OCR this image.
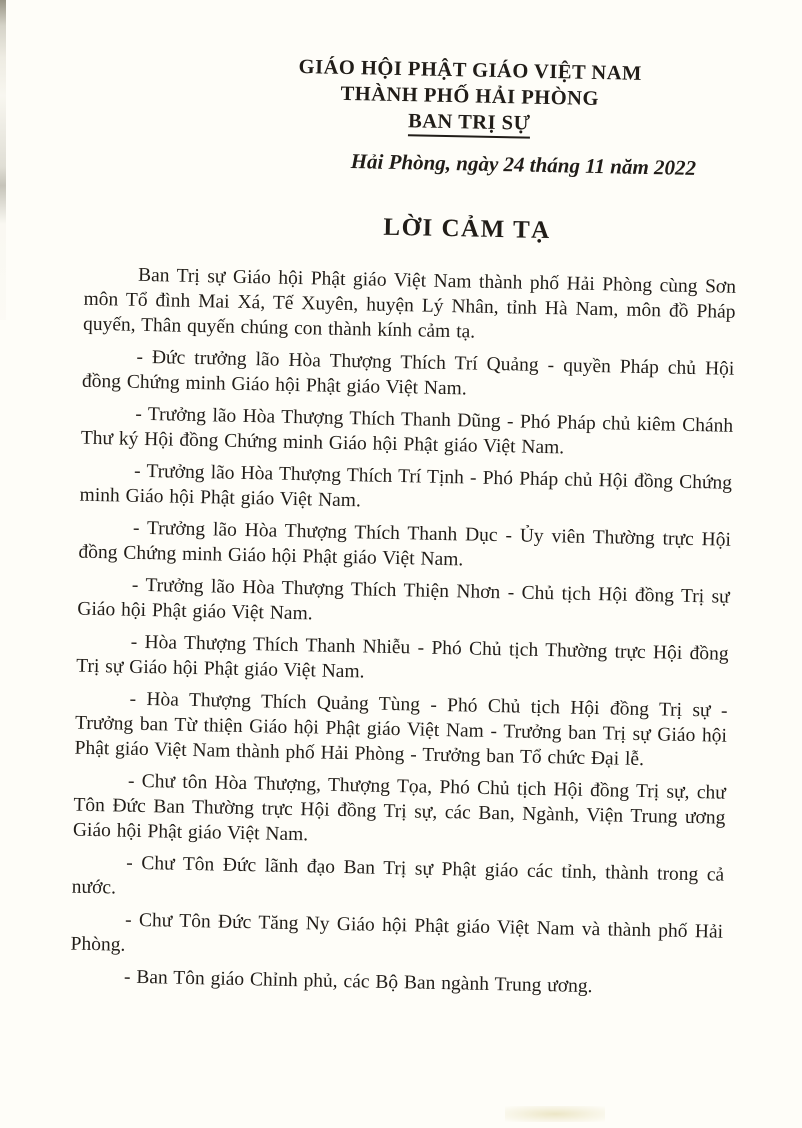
GIÁO HỘI PHẬT GIÁO VIỆT NAM
THÀNH PHỐ HẢI PHÒNG
BAN TRỊ SỰ
Hải Phòng, ngày 24 tháng 11 năm 2022
LỜI CẢM TẠ

Ban Trị sự Giáo hội Phật giáo Việt Nam thành phố Hải Phòng cùng Sơn môn Tổ đình Mai Xá, Tế Xuyên, huyện Lý Nhân, tỉnh Hà Nam, môn đồ Pháp quyến, Thân quyến chúng con thành kính cảm tạ.

- Đức trưởng lão Hòa Thượng Thích Trí Quảng - quyền Pháp chủ Hội đồng Chứng minh Giáo hội Phật giáo Việt Nam.

- Trưởng lão Hòa Thượng Thích Thanh Dũng - Phó Pháp chủ kiêm Chánh Thư ký Hội đồng Chứng minh Giáo hội Phật giáo Việt Nam.

- Trưởng lão Hòa Thượng Thích Trí Tịnh - Phó Pháp chủ Hội đồng Chứng minh Giáo hội Phật giáo Việt Nam.

- Trưởng lão Hòa Thượng Thích Thanh Dục - Ủy viên Thường trực Hội đồng Chứng minh Giáo hội Phật giáo Việt Nam.

- Trưởng lão Hòa Thượng Thích Thiện Nhơn - Chủ tịch Hội đồng Trị sự Giáo hội Phật giáo Việt Nam.

- Hòa Thượng Thích Thanh Nhiễu - Phó Chủ tịch Thường trực Hội đồng Trị sự Giáo hội Phật giáo Việt Nam.

- Hòa Thượng Thích Quảng Tùng - Phó Chủ tịch Hội đồng Trị sự - Trưởng ban Từ thiện Giáo hội Phật giáo Việt Nam - Trưởng ban Trị sự Giáo hội Phật giáo Việt Nam thành phố Hải Phòng - Trưởng ban Tổ chức Đại lễ.

- Chư tôn Hòa Thượng, Thượng Tọa, Phó Chủ tịch Hội đồng Trị sự, chư Tôn Đức Ban Thường trực Hội đồng Trị sự, các Ban, Ngành, Viện Trung ương Giáo hội Phật giáo Việt Nam.

- Chư Tôn Đức lãnh đạo Ban Trị sự Phật giáo các tỉnh, thành trong cả nước.

- Chư Tôn Đức Tăng Ny Giáo hội Phật giáo Việt Nam và thành phố Hải Phòng.

- Ban Tôn giáo Chỉnh phủ, các Bộ Ban ngành Trung ương.
